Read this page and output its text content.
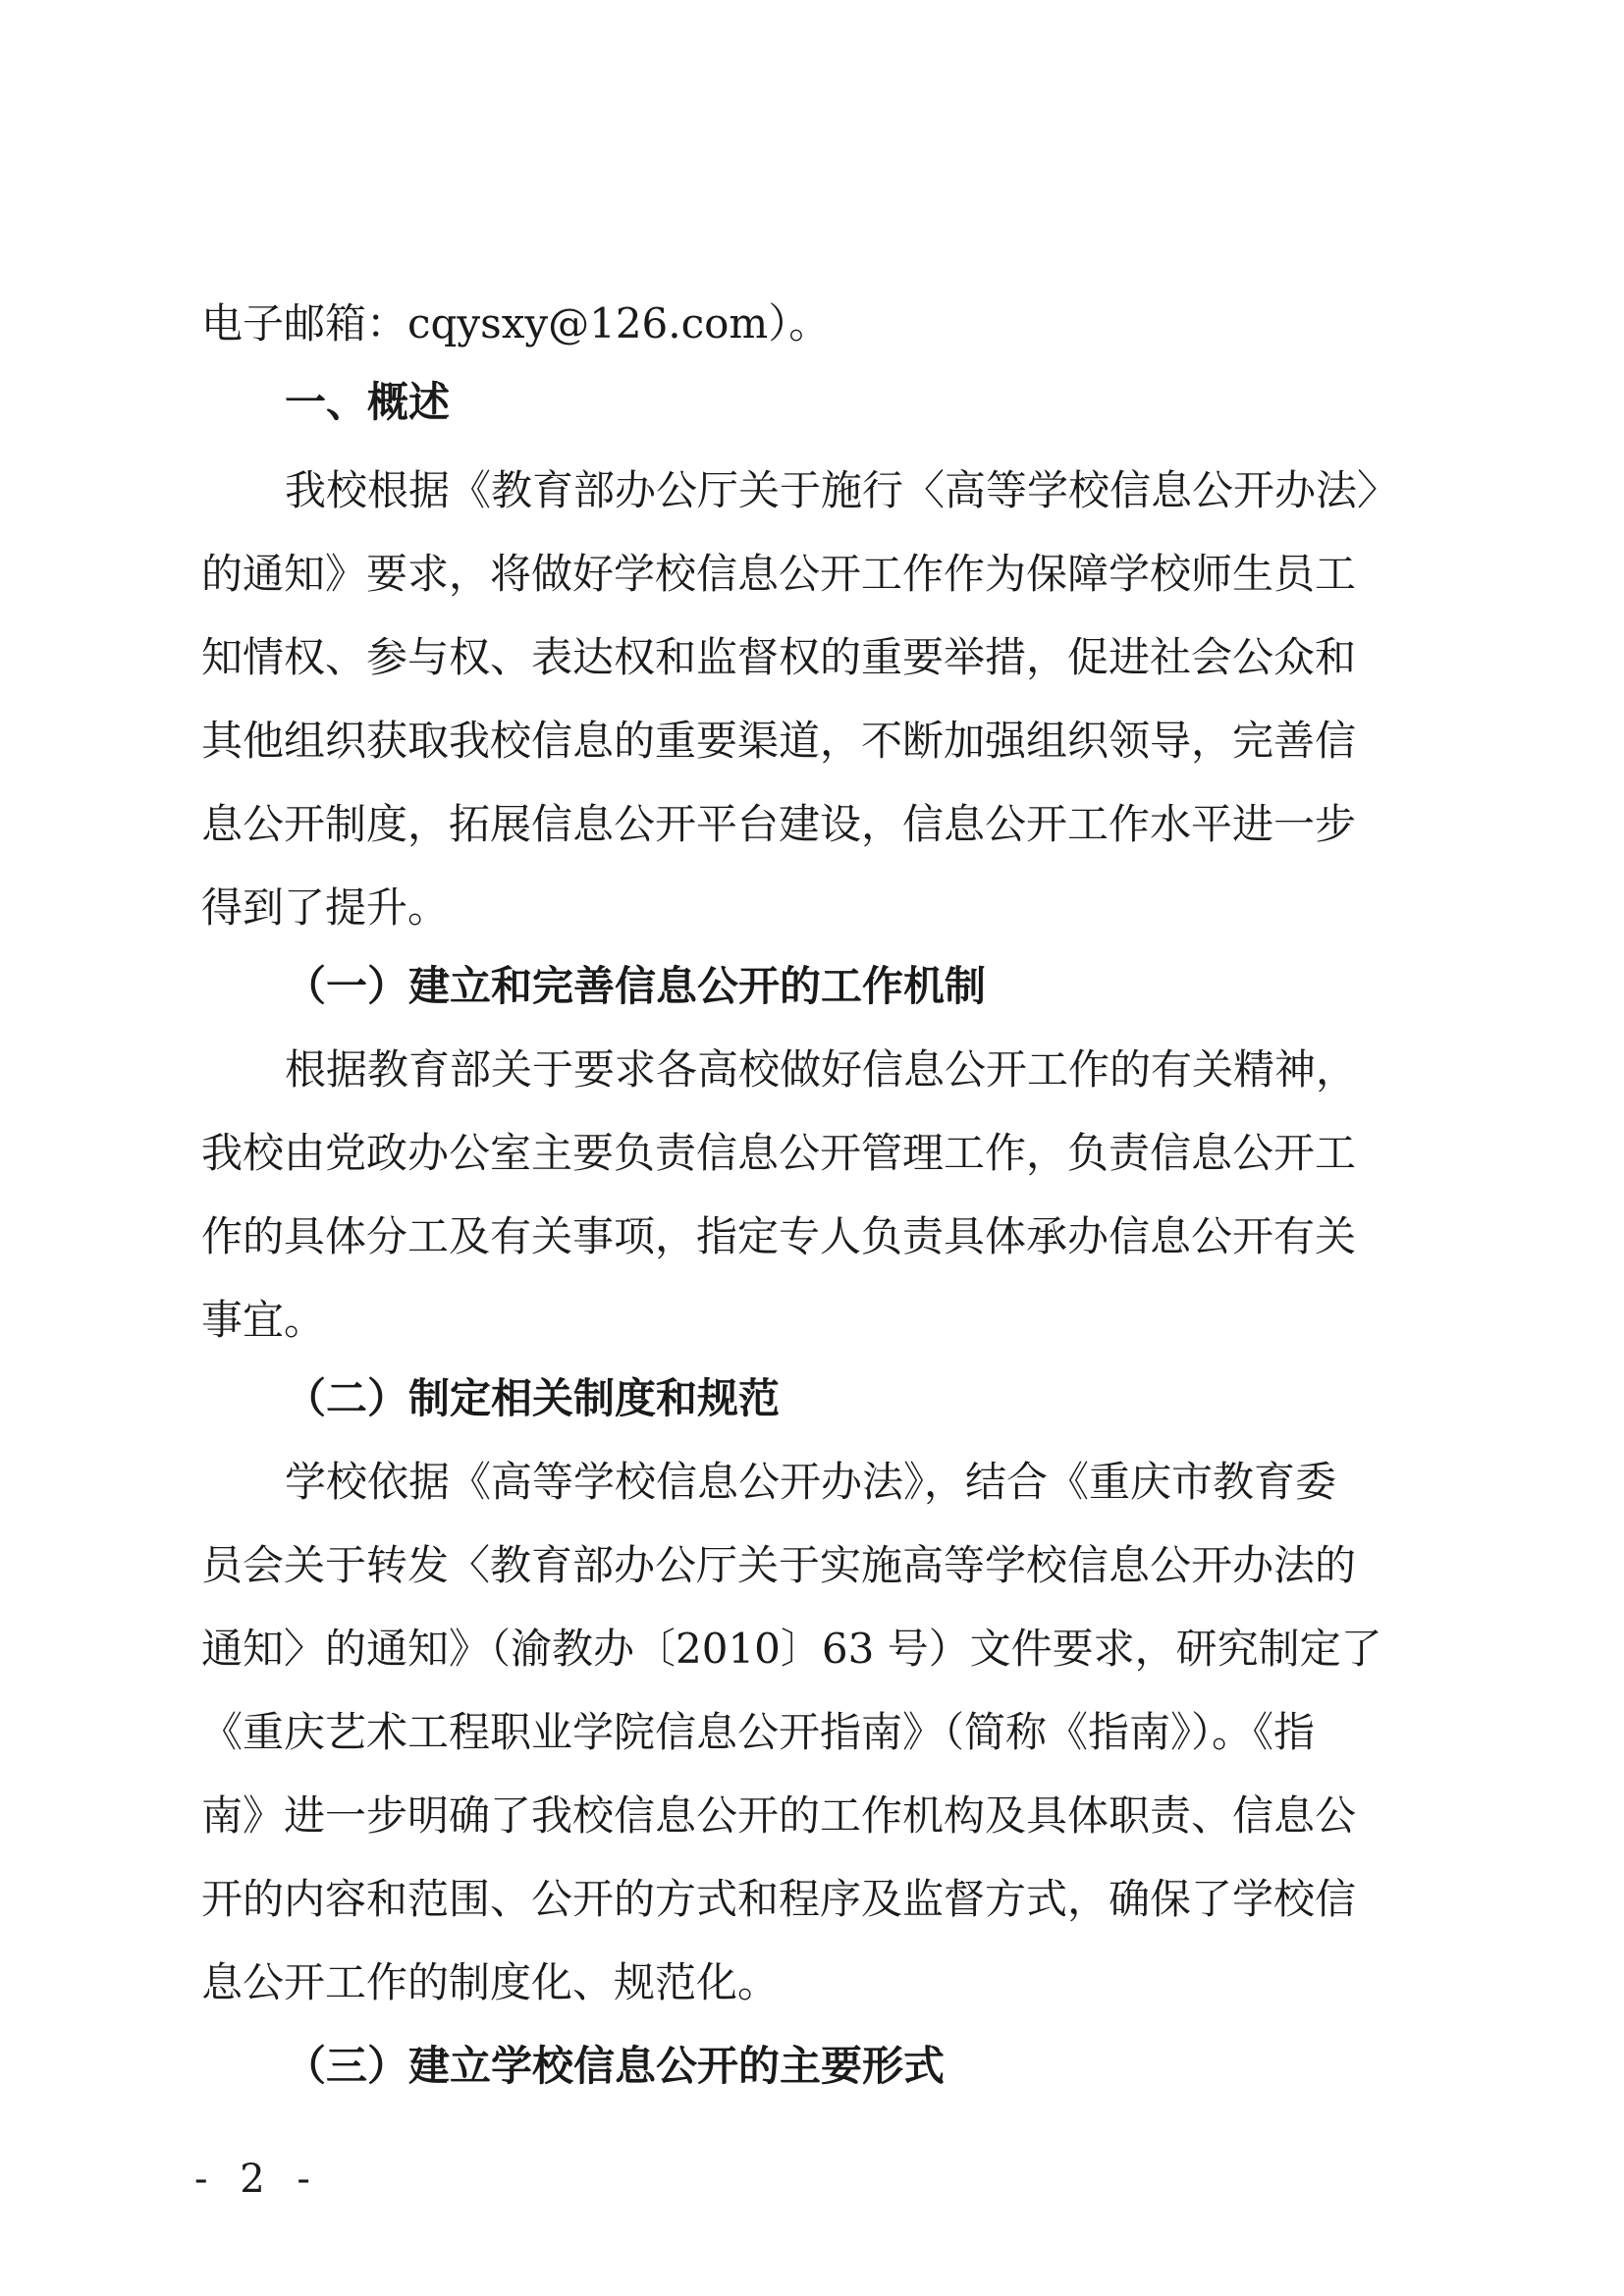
电子邮箱：cqysxy@126.com）。
一、概述
我校根据《教育部办公厅关于施行〈高等学校信息公开办法〉
的通知》要求，将做好学校信息公开工作作为保障学校师生员工
知情权、参与权、表达权和监督权的重要举措，促进社会公众和
其他组织获取我校信息的重要渠道，不断加强组织领导，完善信
息公开制度，拓展信息公开平台建设，信息公开工作水平进一步
得到了提升。
（一）建立和完善信息公开的工作机制
根据教育部关于要求各高校做好信息公开工作的有关精神，
我校由党政办公室主要负责信息公开管理工作，负责信息公开工
作的具体分工及有关事项，指定专人负责具体承办信息公开有关
事宜。
（二）制定相关制度和规范
学校依据《高等学校信息公开办法》，结合《重庆市教育委
员会关于转发〈教育部办公厅关于实施高等学校信息公开办法的
通知〉的通知》（渝教办〔2010〕63 号）文件要求，研究制定了
《重庆艺术工程职业学院信息公开指南》（简称《指南》）。《指
南》进一步明确了我校信息公开的工作机构及具体职责、信息公
开的内容和范围、公开的方式和程序及监督方式，确保了学校信
息公开工作的制度化、规范化。
（三）建立学校信息公开的主要形式
- 2 -
